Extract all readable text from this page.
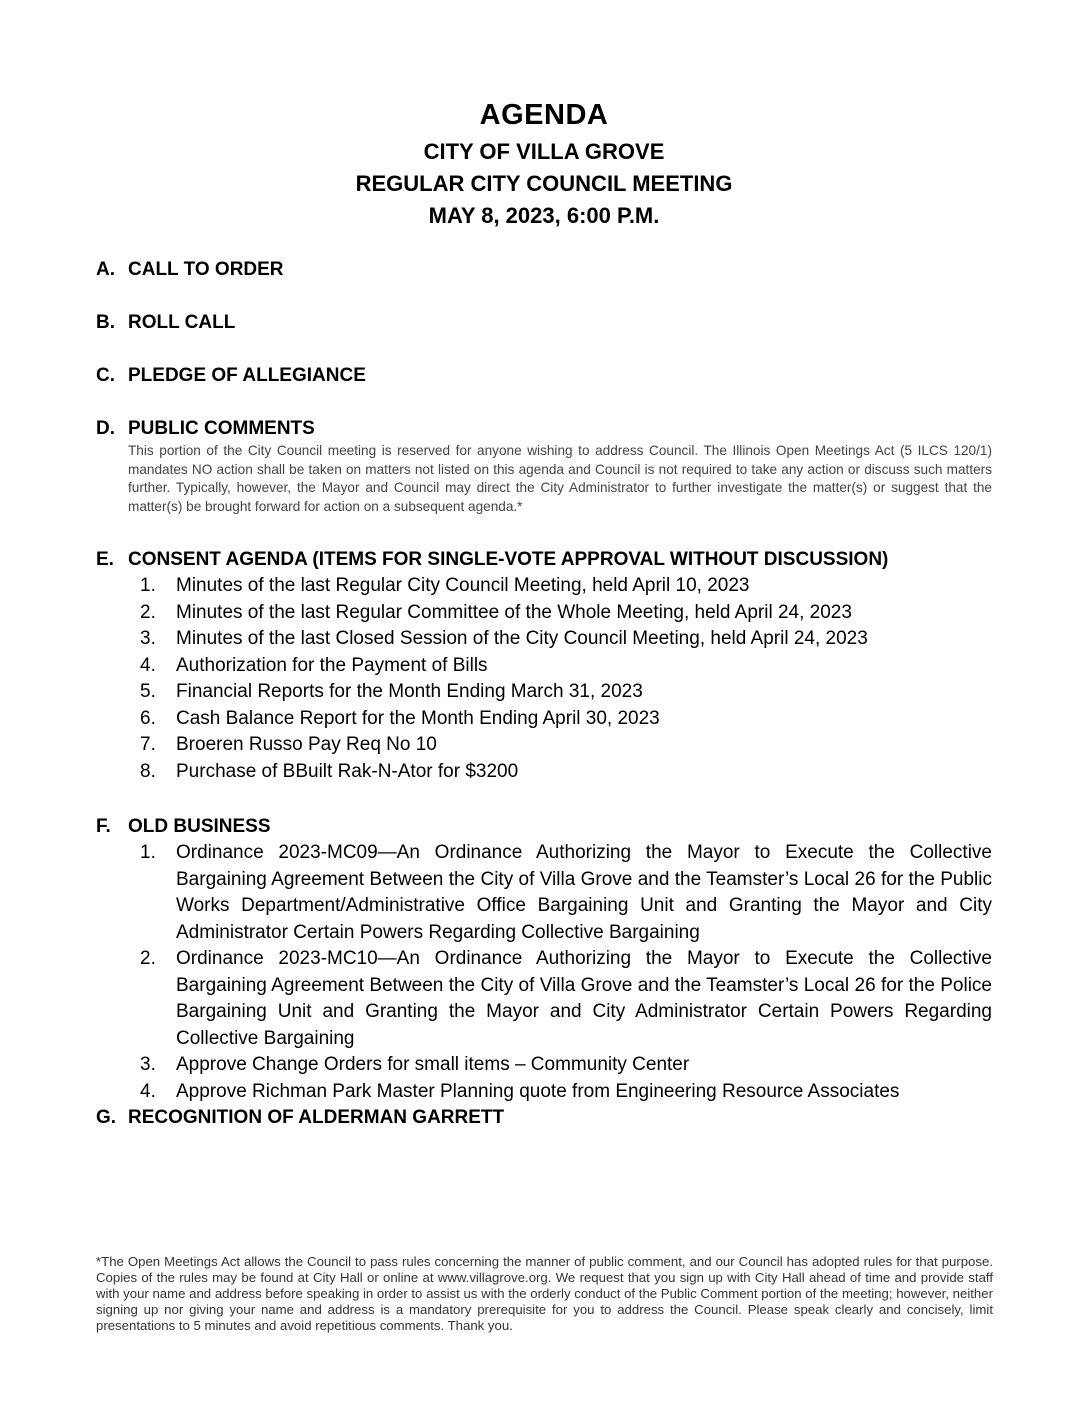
AGENDA
CITY OF VILLA GROVE
REGULAR CITY COUNCIL MEETING
MAY 8, 2023, 6:00 P.M.
A. CALL TO ORDER
B. ROLL CALL
C. PLEDGE OF ALLEGIANCE
D. PUBLIC COMMENTS
This portion of the City Council meeting is reserved for anyone wishing to address Council. The Illinois Open Meetings Act (5 ILCS 120/1) mandates NO action shall be taken on matters not listed on this agenda and Council is not required to take any action or discuss such matters further. Typically, however, the Mayor and Council may direct the City Administrator to further investigate the matter(s) or suggest that the matter(s) be brought forward for action on a subsequent agenda.*
E. CONSENT AGENDA (ITEMS FOR SINGLE-VOTE APPROVAL WITHOUT DISCUSSION)
1.	Minutes of the last Regular City Council Meeting, held April 10, 2023
2.	Minutes of the last Regular Committee of the Whole Meeting, held April 24, 2023
3.	Minutes of the last Closed Session of the City Council Meeting, held April 24, 2023
4.	Authorization for the Payment of Bills
5.	Financial Reports for the Month Ending March 31, 2023
6.	Cash Balance Report for the Month Ending April 30, 2023
7.	Broeren Russo Pay Req No 10
8.	Purchase of BBuilt Rak-N-Ator for $3200
F. OLD BUSINESS
1.	Ordinance 2023-MC09—An Ordinance Authorizing the Mayor to Execute the Collective Bargaining Agreement Between the City of Villa Grove and the Teamster’s Local 26 for the Public Works Department/Administrative Office Bargaining Unit and Granting the Mayor and City Administrator Certain Powers Regarding Collective Bargaining
2.	Ordinance 2023-MC10—An Ordinance Authorizing the Mayor to Execute the Collective Bargaining Agreement Between the City of Villa Grove and the Teamster’s Local 26 for the Police Bargaining Unit and Granting the Mayor and City Administrator Certain Powers Regarding Collective Bargaining
3.	Approve Change Orders for small items – Community Center
4.	Approve Richman Park Master Planning quote from Engineering Resource Associates
G. RECOGNITION OF ALDERMAN GARRETT
*The Open Meetings Act allows the Council to pass rules concerning the manner of public comment, and our Council has adopted rules for that purpose. Copies of the rules may be found at City Hall or online at www.villagrove.org. We request that you sign up with City Hall ahead of time and provide staff with your name and address before speaking in order to assist us with the orderly conduct of the Public Comment portion of the meeting; however, neither signing up nor giving your name and address is a mandatory prerequisite for you to address the Council. Please speak clearly and concisely, limit presentations to 5 minutes and avoid repetitious comments. Thank you.
